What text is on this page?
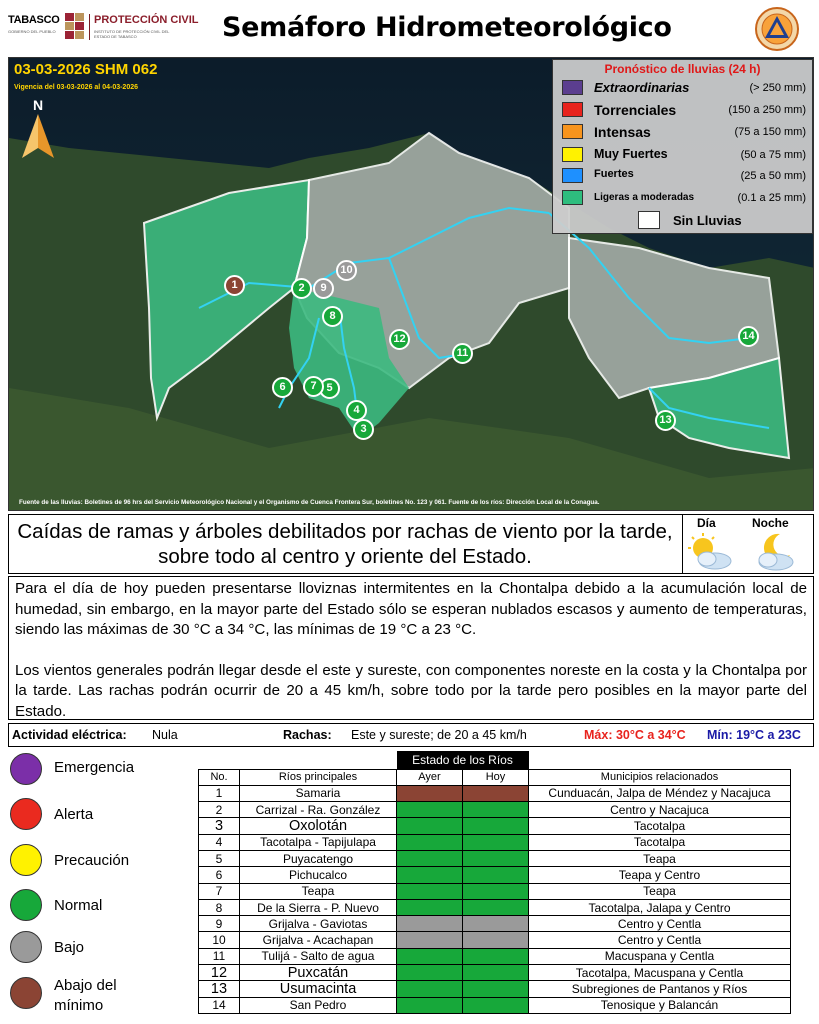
TABASCO
GOBIERNO DEL PUEBLO
PROTECCIÓN CIVIL
INSTITUTO DE PROTECCIÓN CIVIL DEL ESTADO DE TABASCO	Semáforo Hidrometeorológico
03-03-2026 SHM 062
Vigencia del 03-03-2026 al 04-03-2026
N
Pronóstico de lluvias (24 h)
Extraordinarias	(> 250 mm)
Torrenciales	(150 a 250 mm)
Intensas	(75 a 150 mm)
Muy Fuertes	(50 a 75 mm)
Fuertes	(25 a 50 mm)
Ligeras a moderadas	(0.1 a 25 mm)
Sin Lluvias
1	2
3
4
5
6	7
8
9
10
11
12
13
14
Fuente de las lluvias: Boletines de 96 hrs del Servicio Meteorológico Nacional y el Organismo de Cuenca Frontera Sur, boletines No. 123 y 061. Fuente de los ríos: Dirección Local de la Conagua.
Caídas de ramas y árboles debilitados por rachas de viento por la tarde, sobre todo al centro y oriente del Estado.
Día	Noche

Para el día de hoy pueden presentarse lloviznas intermitentes en la Chontalpa debido a la acumulación local de humedad, sin embargo, en la mayor parte del Estado sólo se esperan nublados escasos y aumento de temperaturas, siendo las máximas de 30 °C a 34 °C, las mínimas de 19 °C a 23 °C.

Los vientos generales podrán llegar desde el este y sureste, con componentes noreste en la costa y la Chontalpa por la tarde. Las rachas podrán ocurrir de 20 a 45 km/h, sobre todo por la tarde pero posibles en la mayor parte del Estado.

Actividad eléctrica: Nula	Rachas: Este y sureste; de 20 a 45 km/h	Máx: 30°C a 34°C Mín: 19°C a 23C
Emergencia
Alerta
Precaución
Normal
Bajo
Abajo del mínimo
		Estado de los Ríos		
No.	Ríos principales	Ayer	Hoy	Municipios relacionados
1	Samaria			Cunduacán, Jalpa de Méndez y Nacajuca
2	Carrizal - Ra. González			Centro y Nacajuca
3	Oxolotán			Tacotalpa
4	Tacotalpa - Tapijulapa			Tacotalpa
5	Puyacatengo			Teapa
6	Pichucalco			Teapa y Centro
7	Teapa			Teapa
8	De la Sierra - P. Nuevo			Tacotalpa, Jalapa y Centro
9	Grijalva - Gaviotas			Centro y Centla
10	Grijalva - Acachapan			Centro y Centla
11	Tulijá - Salto de agua			Macuspana y Centla
12	Puxcatán			Tacotalpa, Macuspana y Centla
13	Usumacinta			Subregiones de Pantanos y Ríos
14	San Pedro			Tenosique y Balancán
